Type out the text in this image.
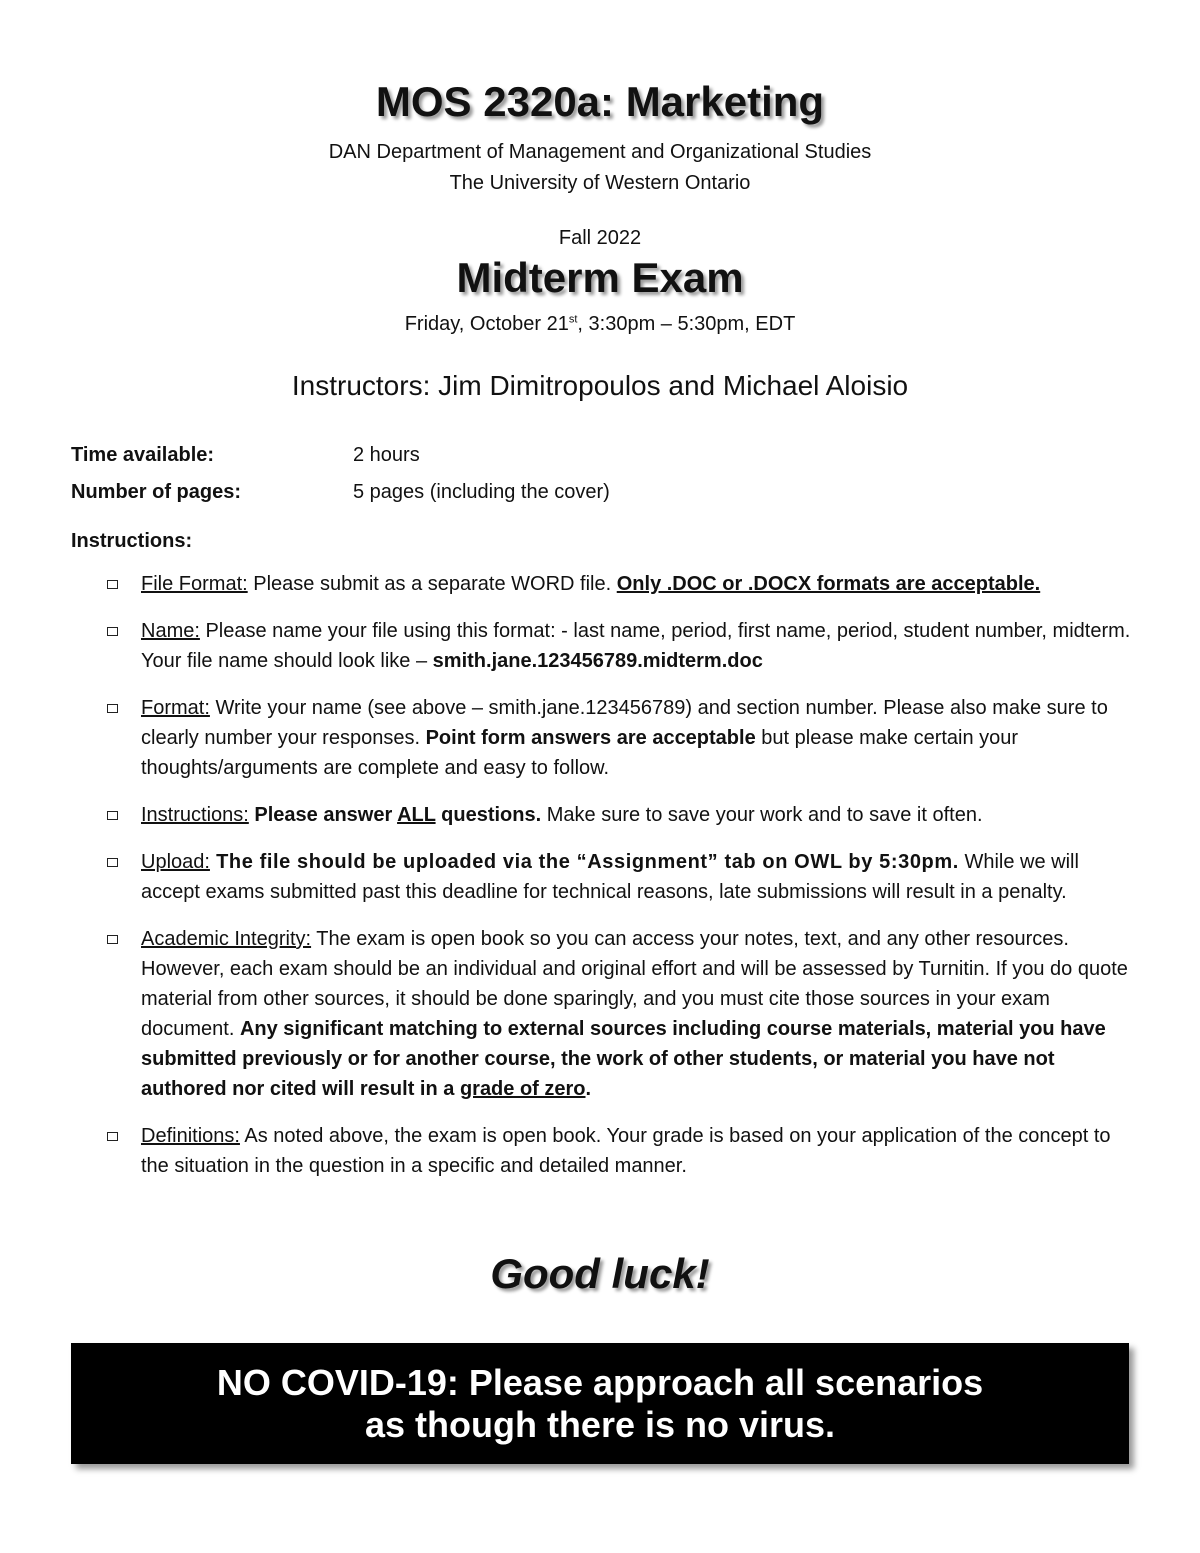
MOS 2320a: Marketing
DAN Department of Management and Organizational Studies
The University of Western Ontario
Fall 2022
Midterm Exam
Friday, October 21st, 3:30pm – 5:30pm, EDT
Instructors: Jim Dimitropoulos and Michael Aloisio
Time available:	2 hours
Number of pages:	5 pages (including the cover)
Instructions:
File Format: Please submit as a separate WORD file. Only .DOC or .DOCX formats are acceptable.
Name: Please name your file using this format: - last name, period, first name, period, student number, midterm. Your file name should look like – smith.jane.123456789.midterm.doc
Format: Write your name (see above – smith.jane.123456789) and section number. Please also make sure to clearly number your responses. Point form answers are acceptable but please make certain your thoughts/arguments are complete and easy to follow.
Instructions: Please answer ALL questions. Make sure to save your work and to save it often.
Upload: The file should be uploaded via the “Assignment” tab on OWL by 5:30pm. While we will accept exams submitted past this deadline for technical reasons, late submissions will result in a penalty.
Academic Integrity: The exam is open book so you can access your notes, text, and any other resources. However, each exam should be an individual and original effort and will be assessed by Turnitin. If you do quote material from other sources, it should be done sparingly, and you must cite those sources in your exam document. Any significant matching to external sources including course materials, material you have submitted previously or for another course, the work of other students, or material you have not authored nor cited will result in a grade of zero.
Definitions: As noted above, the exam is open book. Your grade is based on your application of the concept to the situation in the question in a specific and detailed manner.
Good luck!
NO COVID-19: Please approach all scenarios
as though there is no virus.
